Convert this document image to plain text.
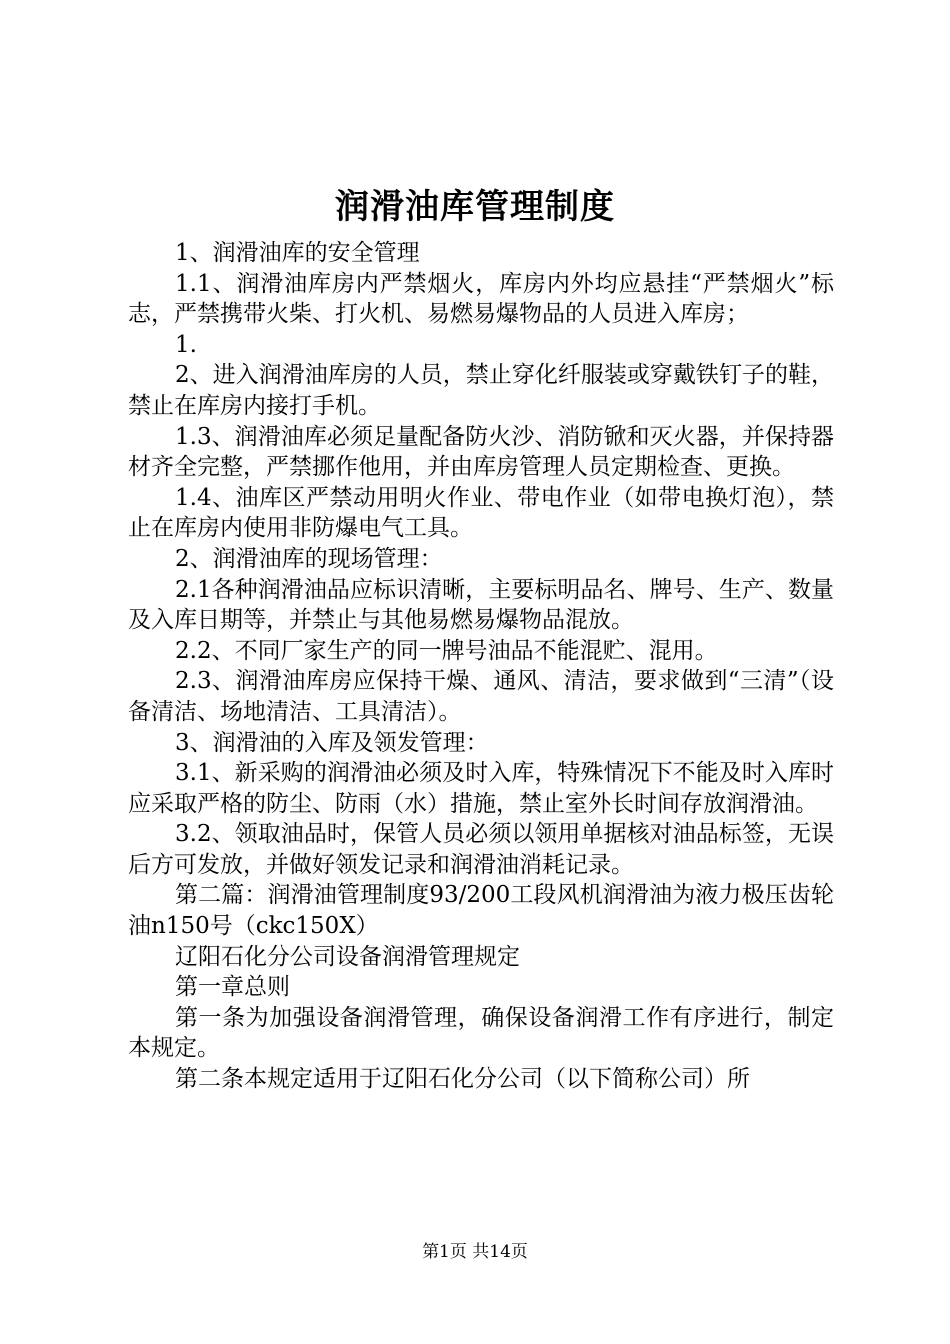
润滑油库管理制度

1、润滑油库的安全管理

1.1、润滑油库房内严禁烟火，库房内外均应悬挂“严禁烟火”标志，严禁携带火柴、打火机、易燃易爆物品的人员进入库房；

1.

2、进入润滑油库房的人员，禁止穿化纤服装或穿戴铁钉子的鞋，禁止在库房内接打手机。

1.3、润滑油库必须足量配备防火沙、消防锨和灭火器，并保持器材齐全完整，严禁挪作他用，并由库房管理人员定期检查、更换。

1.4、油库区严禁动用明火作业、带电作业（如带电换灯泡），禁止在库房内使用非防爆电气工具。

2、润滑油库的现场管理：

2.1各种润滑油品应标识清晰，主要标明品名、牌号、生产、数量及入库日期等，并禁止与其他易燃易爆物品混放。

2.2、不同厂家生产的同一牌号油品不能混贮、混用。

2.3、润滑油库房应保持干燥、通风、清洁，要求做到“三清”（设备清洁、场地清洁、工具清洁）。

3、润滑油的入库及领发管理：

3.1、新采购的润滑油必须及时入库，特殊情况下不能及时入库时应采取严格的防尘、防雨（水）措施，禁止室外长时间存放润滑油。

3.2、领取油品时，保管人员必须以领用单据核对油品标签，无误后方可发放，并做好领发记录和润滑油消耗记录。

第二篇：润滑油管理制度93/200工段风机润滑油为液力极压齿轮油n150号（ckc150X）

辽阳石化分公司设备润滑管理规定

第一章总则

第一条为加强设备润滑管理，确保设备润滑工作有序进行，制定本规定。

第二条本规定适用于辽阳石化分公司（以下简称公司）所

第1页 共14页
